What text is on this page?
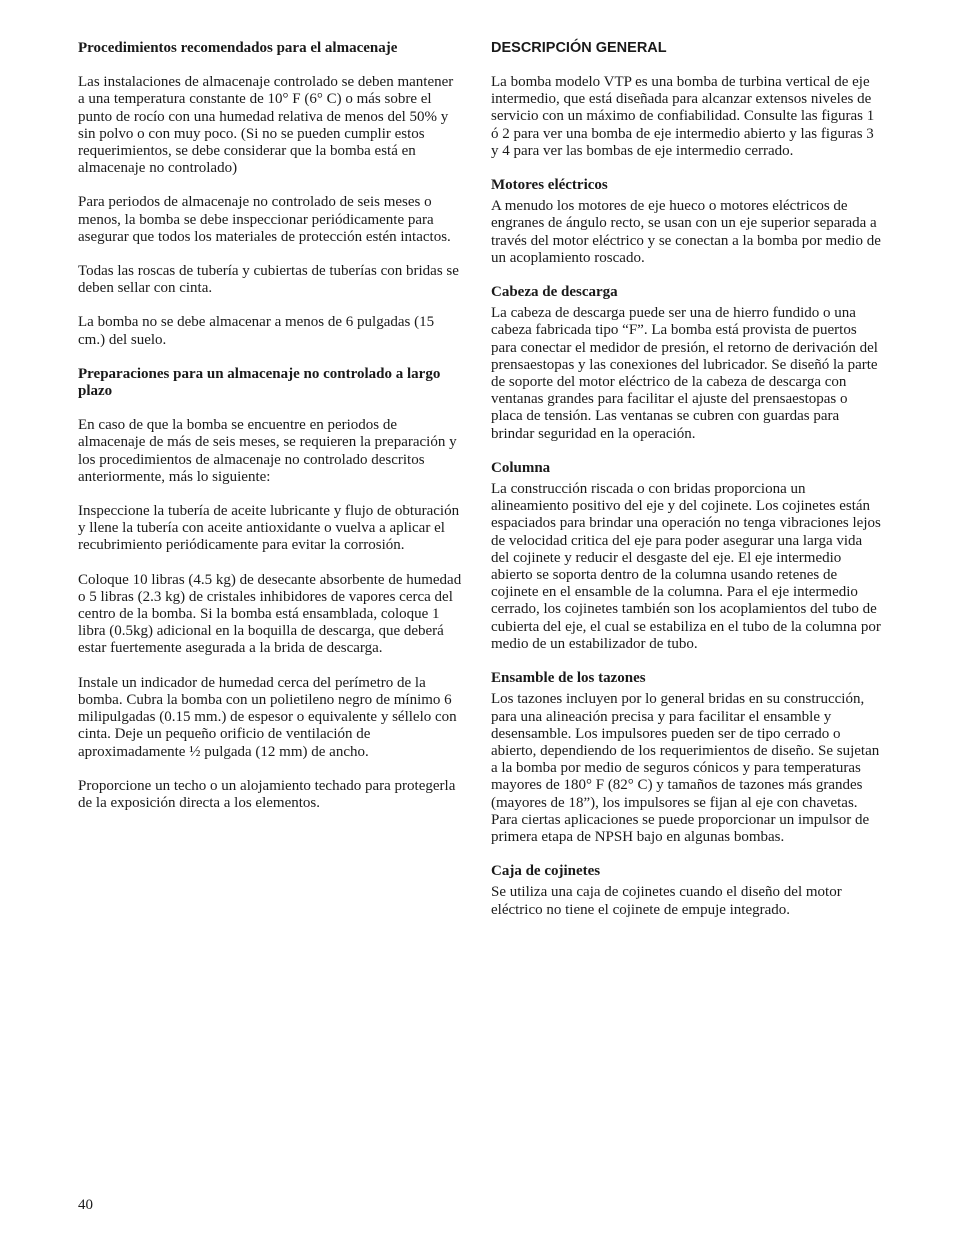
Procedimientos recomendados para el almacenaje

Las instalaciones de almacenaje controlado se deben mantener a una temperatura constante de 10° F (6° C) o más sobre el punto de rocío con una humedad relativa de menos del 50% y sin polvo o con muy poco. (Si no se pueden cumplir estos requerimientos, se debe considerar que la bomba está en almacenaje no controlado)

Para periodos de almacenaje no controlado de seis meses o menos, la bomba se debe inspeccionar periódicamente para asegurar que todos los materiales de protección estén intactos.

Todas las roscas de tubería y cubiertas de tuberías con bridas se deben sellar con cinta.

La bomba no se debe almacenar a menos de 6 pulgadas (15 cm.) del suelo.

Preparaciones para un almacenaje no controlado a largo plazo

En caso de que la bomba se encuentre en periodos de almacenaje de más de seis meses, se requieren la preparación y los procedimientos de almacenaje no controlado descritos anteriormente, más lo siguiente:

Inspeccione la tubería de aceite lubricante y flujo de obturación y llene la tubería con aceite antioxidante o vuelva a aplicar el recubrimiento periódicamente para evitar la corrosión.

Coloque 10 libras (4.5 kg) de desecante absorbente de humedad o 5 libras (2.3 kg) de cristales inhibidores de vapores cerca del centro de la bomba. Si la bomba está ensamblada, coloque 1 libra (0.5kg) adicional en la boquilla de descarga, que deberá estar fuertemente asegurada a la brida de descarga.

Instale un indicador de humedad cerca del perímetro de la bomba. Cubra la bomba con un polietileno negro de mínimo 6 milipulgadas (0.15 mm.) de espesor o equivalente y séllelo con cinta. Deje un pequeño orificio de ventilación de aproximadamente ½ pulgada (12 mm) de ancho.

Proporcione un techo o un alojamiento techado para protegerla de la exposición directa a los elementos.

DESCRIPCIÓN GENERAL

La bomba modelo VTP es una bomba de turbina vertical de eje intermedio, que está diseñada para alcanzar extensos niveles de servicio con un máximo de confiabilidad. Consulte las figuras 1 ó 2 para ver una bomba de eje intermedio abierto y las figuras 3 y 4 para ver las bombas de eje intermedio cerrado.

Motores eléctricos

A menudo los motores de eje hueco o motores eléctricos de engranes de ángulo recto, se usan con un eje superior separada a través del motor eléctrico y se conectan a la bomba por medio de un acoplamiento roscado.

Cabeza de descarga

La cabeza de descarga puede ser una de hierro fundido o una cabeza fabricada tipo “F”. La bomba está provista de puertos para conectar el medidor de presión, el retorno de derivación del prensaestopas y las conexiones del lubricador. Se diseñó la parte de soporte del motor eléctrico de la cabeza de descarga con ventanas grandes para facilitar el ajuste del prensaestopas o placa de tensión. Las ventanas se cubren con guardas para brindar seguridad en la operación.

Columna

La construcción riscada o con bridas proporciona un alineamiento positivo del eje y del cojinete. Los cojinetes están espaciados para brindar una operación no tenga vibraciones lejos de velocidad critica del eje para poder asegurar una larga vida del cojinete y reducir el desgaste del eje. El eje intermedio abierto se soporta dentro de la columna usando retenes de cojinete en el ensamble de la columna. Para el eje intermedio cerrado, los cojinetes también son los acoplamientos del tubo de cubierta del eje, el cual se estabiliza en el tubo de la columna por medio de un estabilizador de tubo.

Ensamble de los tazones

Los tazones incluyen por lo general bridas en su construcción, para una alineación precisa y para facilitar el ensamble y desensamble. Los impulsores pueden ser de tipo cerrado o abierto, dependiendo de los requerimientos de diseño. Se sujetan a la bomba por medio de seguros cónicos y para temperaturas mayores de 180° F (82° C) y tamaños de tazones más grandes (mayores de 18”), los impulsores se fijan al eje con chavetas. Para ciertas aplicaciones se puede proporcionar un impulsor de primera etapa de NPSH bajo en algunas bombas.

Caja de cojinetes

Se utiliza una caja de cojinetes cuando el diseño del motor eléctrico no tiene el cojinete de empuje integrado.

40
